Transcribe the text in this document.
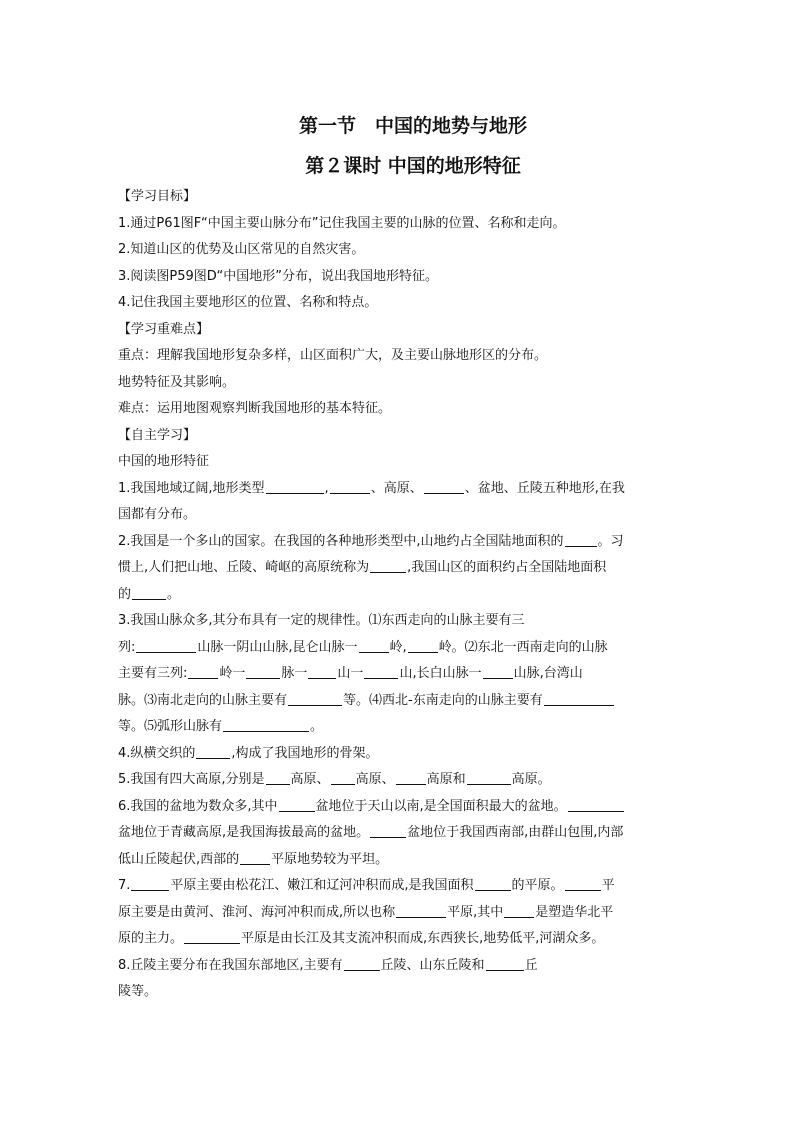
第一节　中国的地势与地形
第２课时 中国的地形特征

【学习目标】

1.通过P61图F“中国主要山脉分布”记住我国主要的山脉的位置、名称和走向。

2.知道山区的优势及山区常见的自然灾害。

3.阅读图P59图D“中国地形”分布，说出我国地形特征。

4.记住我国主要地形区的位置、名称和特点。

【学习重难点】

重点：理解我国地形复杂多样，山区面积广大，及主要山脉地形区的分布。

地势特征及其影响。

难点：运用地图观察判断我国地形的基本特征。

【自主学习】

中国的地形特征

1.我国地域辽阔,地形类型	,	、高原、	、盆地、丘陵五种地形,在我

国都有分布。

2.我国是一个多山的国家。在我国的各种地形类型中,山地约占全国陆地面积的	。习

惯上,人们把山地、丘陵、崎岖的高原统称为	,我国山区的面积约占全国陆地面积

的	。

3.我国山脉众多,其分布具有一定的规律性。⑴东西走向的山脉主要有三

列:	山脉一阴山山脉,昆仑山脉一 岭, 岭。⑵东北一西南走向的山脉

主要有三列: 岭一	脉一 山一	山,长白山脉一 山脉,台湾山

脉。⑶南北走向的山脉主要有	等。⑷西北-东南走向的山脉主要有

等。⑸弧形山脉有	。

4.纵横交织的	,构成了我国地形的骨架。

5.我国有四大高原,分别是 高原、 高原、 高原和	高原。

6.我国的盆地为数众多,其中	盆地位于天山以南,是全国面积最大的盆地。

盆地位于青藏高原,是我国海拔最高的盆地。	盆地位于我国西南部,由群山包围,内部

低山丘陵起伏,西部的 平原地势较为平坦。

7.	平原主要由松花江、嫩江和辽河冲积而成,是我国面积	的平原。	平

原主要是由黄河、淮河、海河冲积而成,所以也称	平原,其中 是塑造华北平

原的主力。	平原是由长江及其支流冲积而成,东西狭长,地势低平,河湖众多。

8.丘陵主要分布在我国东部地区,主要有	丘陵、山东丘陵和	丘

陵等。
